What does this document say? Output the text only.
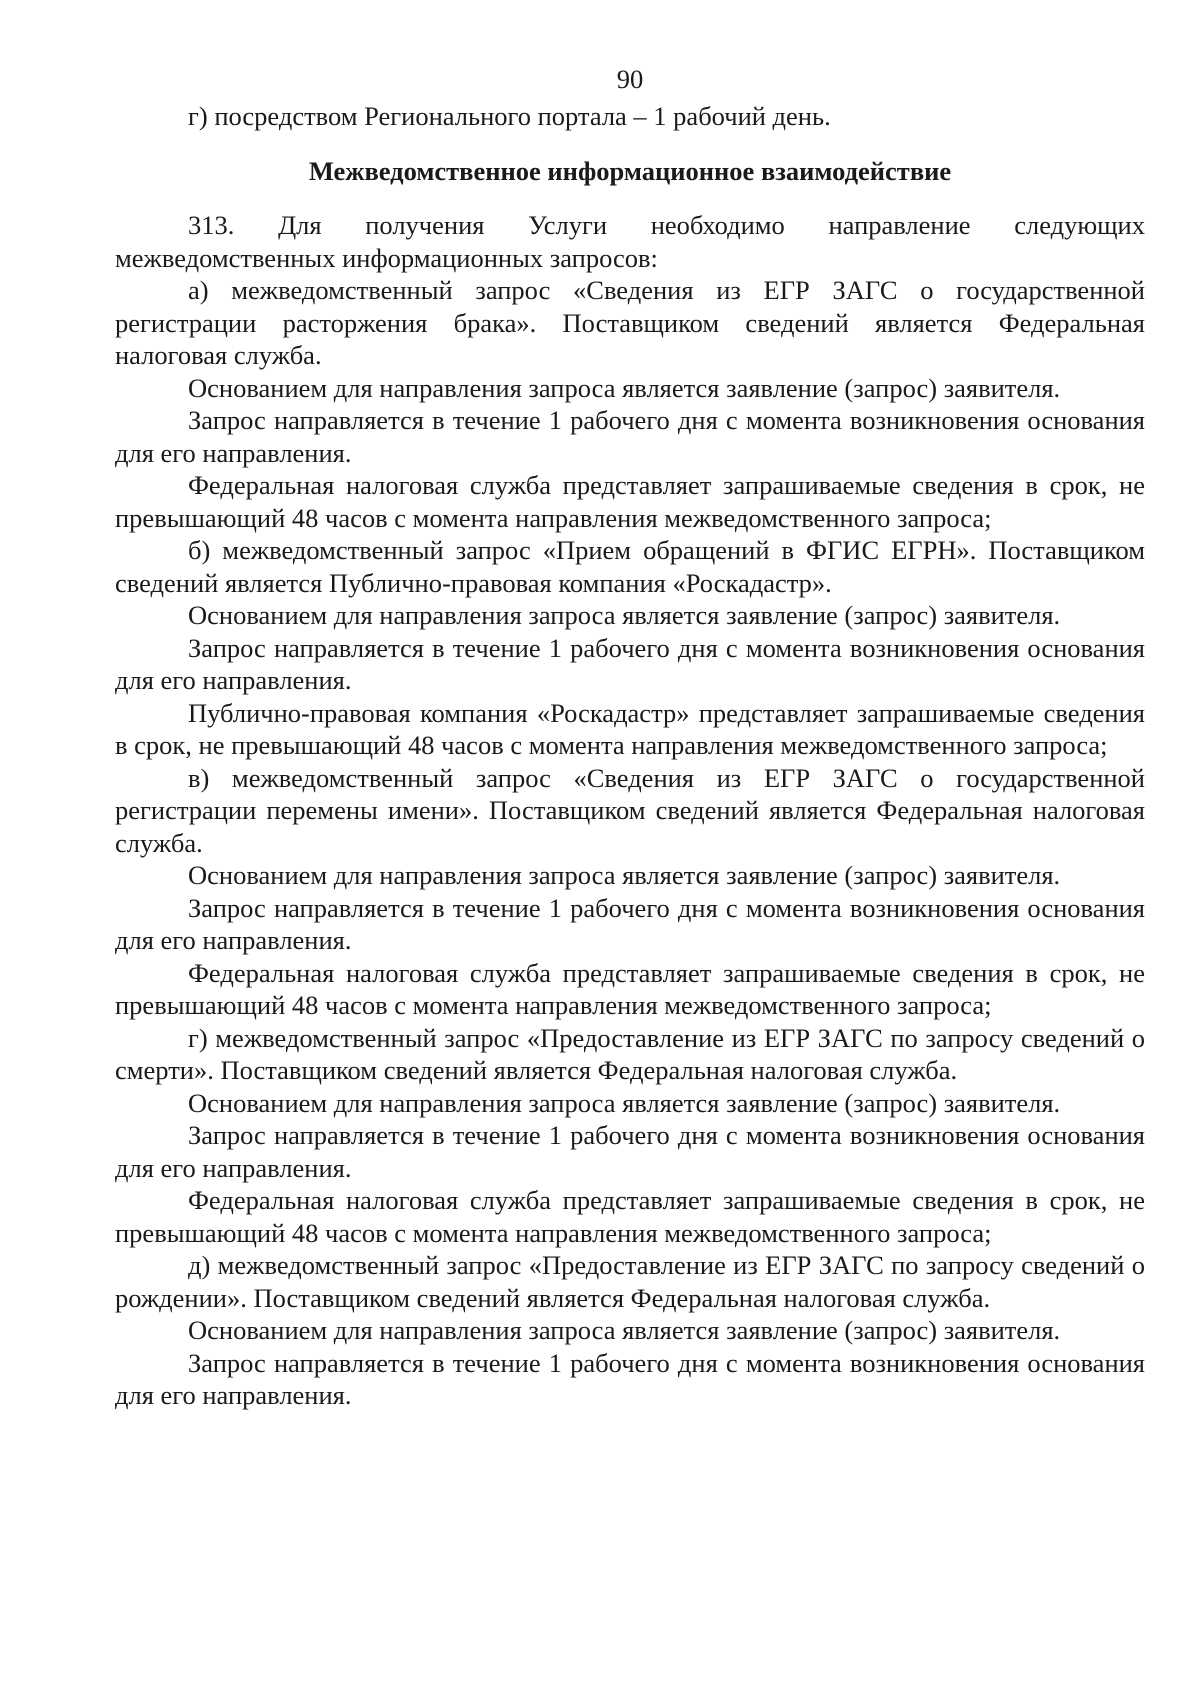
90

г) посредством Регионального портала – 1 рабочий день.

Межведомственное информационное взаимодействие

313. Для получения Услуги необходимо направление следующих межведомственных информационных запросов:

а) межведомственный запрос «Сведения из ЕГР ЗАГС о государственной регистрации расторжения брака». Поставщиком сведений является Федеральная налоговая служба.

Основанием для направления запроса является заявление (запрос) заявителя.

Запрос направляется в течение 1 рабочего дня с момента возникновения основания для его направления.

Федеральная налоговая служба представляет запрашиваемые сведения в срок, не превышающий 48 часов с момента направления межведомственного запроса;

б) межведомственный запрос «Прием обращений в ФГИС ЕГРН». Поставщиком сведений является Публично-правовая компания «Роскадастр».

Основанием для направления запроса является заявление (запрос) заявителя.

Запрос направляется в течение 1 рабочего дня с момента возникновения основания для его направления.

Публично-правовая компания «Роскадастр» представляет запрашиваемые сведения в срок, не превышающий 48 часов с момента направления межведомственного запроса;

в) межведомственный запрос «Сведения из ЕГР ЗАГС о государственной регистрации перемены имени». Поставщиком сведений является Федеральная налоговая служба.

Основанием для направления запроса является заявление (запрос) заявителя.

Запрос направляется в течение 1 рабочего дня с момента возникновения основания для его направления.

Федеральная налоговая служба представляет запрашиваемые сведения в срок, не превышающий 48 часов с момента направления межведомственного запроса;

г) межведомственный запрос «Предоставление из ЕГР ЗАГС по запросу сведений о смерти». Поставщиком сведений является Федеральная налоговая служба.

Основанием для направления запроса является заявление (запрос) заявителя.

Запрос направляется в течение 1 рабочего дня с момента возникновения основания для его направления.

Федеральная налоговая служба представляет запрашиваемые сведения в срок, не превышающий 48 часов с момента направления межведомственного запроса;

д) межведомственный запрос «Предоставление из ЕГР ЗАГС по запросу сведений о рождении». Поставщиком сведений является Федеральная налоговая служба.

Основанием для направления запроса является заявление (запрос) заявителя.

Запрос направляется в течение 1 рабочего дня с момента возникновения основания для его направления.
